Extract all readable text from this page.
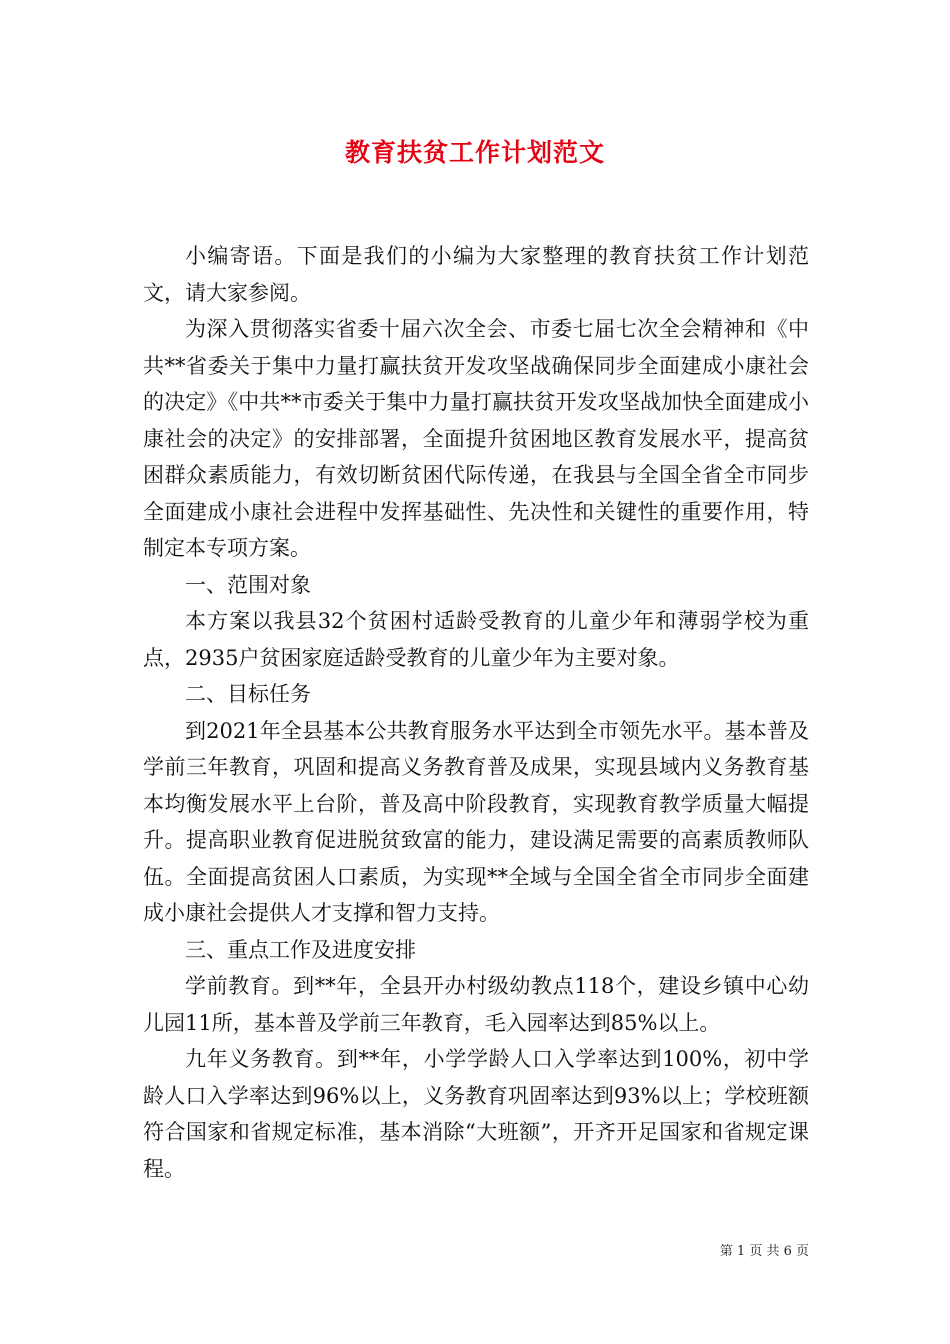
教育扶贫工作计划范文

小编寄语。下面是我们的小编为大家整理的教育扶贫工作计划范文，请大家参阅。

为深入贯彻落实省委十届六次全会、市委七届七次全会精神和《中共**省委关于集中力量打赢扶贫开发攻坚战确保同步全面建成小康社会的决定》《中共**市委关于集中力量打赢扶贫开发攻坚战加快全面建成小康社会的决定》的安排部署，全面提升贫困地区教育发展水平，提高贫困群众素质能力，有效切断贫困代际传递，在我县与全国全省全市同步全面建成小康社会进程中发挥基础性、先决性和关键性的重要作用，特制定本专项方案。

一、范围对象

本方案以我县32个贫困村适龄受教育的儿童少年和薄弱学校为重点，2935户贫困家庭适龄受教育的儿童少年为主要对象。

二、目标任务

到2021年全县基本公共教育服务水平达到全市领先水平。基本普及学前三年教育，巩固和提高义务教育普及成果，实现县域内义务教育基本均衡发展水平上台阶，普及高中阶段教育，实现教育教学质量大幅提升。提高职业教育促进脱贫致富的能力，建设满足需要的高素质教师队伍。全面提高贫困人口素质，为实现**全域与全国全省全市同步全面建成小康社会提供人才支撑和智力支持。

三、重点工作及进度安排

学前教育。到**年，全县开办村级幼教点118个，建设乡镇中心幼儿园11所，基本普及学前三年教育，毛入园率达到85%以上。

九年义务教育。到**年，小学学龄人口入学率达到100%，初中学龄人口入学率达到96%以上，义务教育巩固率达到93%以上；学校班额符合国家和省规定标准，基本消除“大班额”，开齐开足国家和省规定课程。

第 1 页 共 6 页
